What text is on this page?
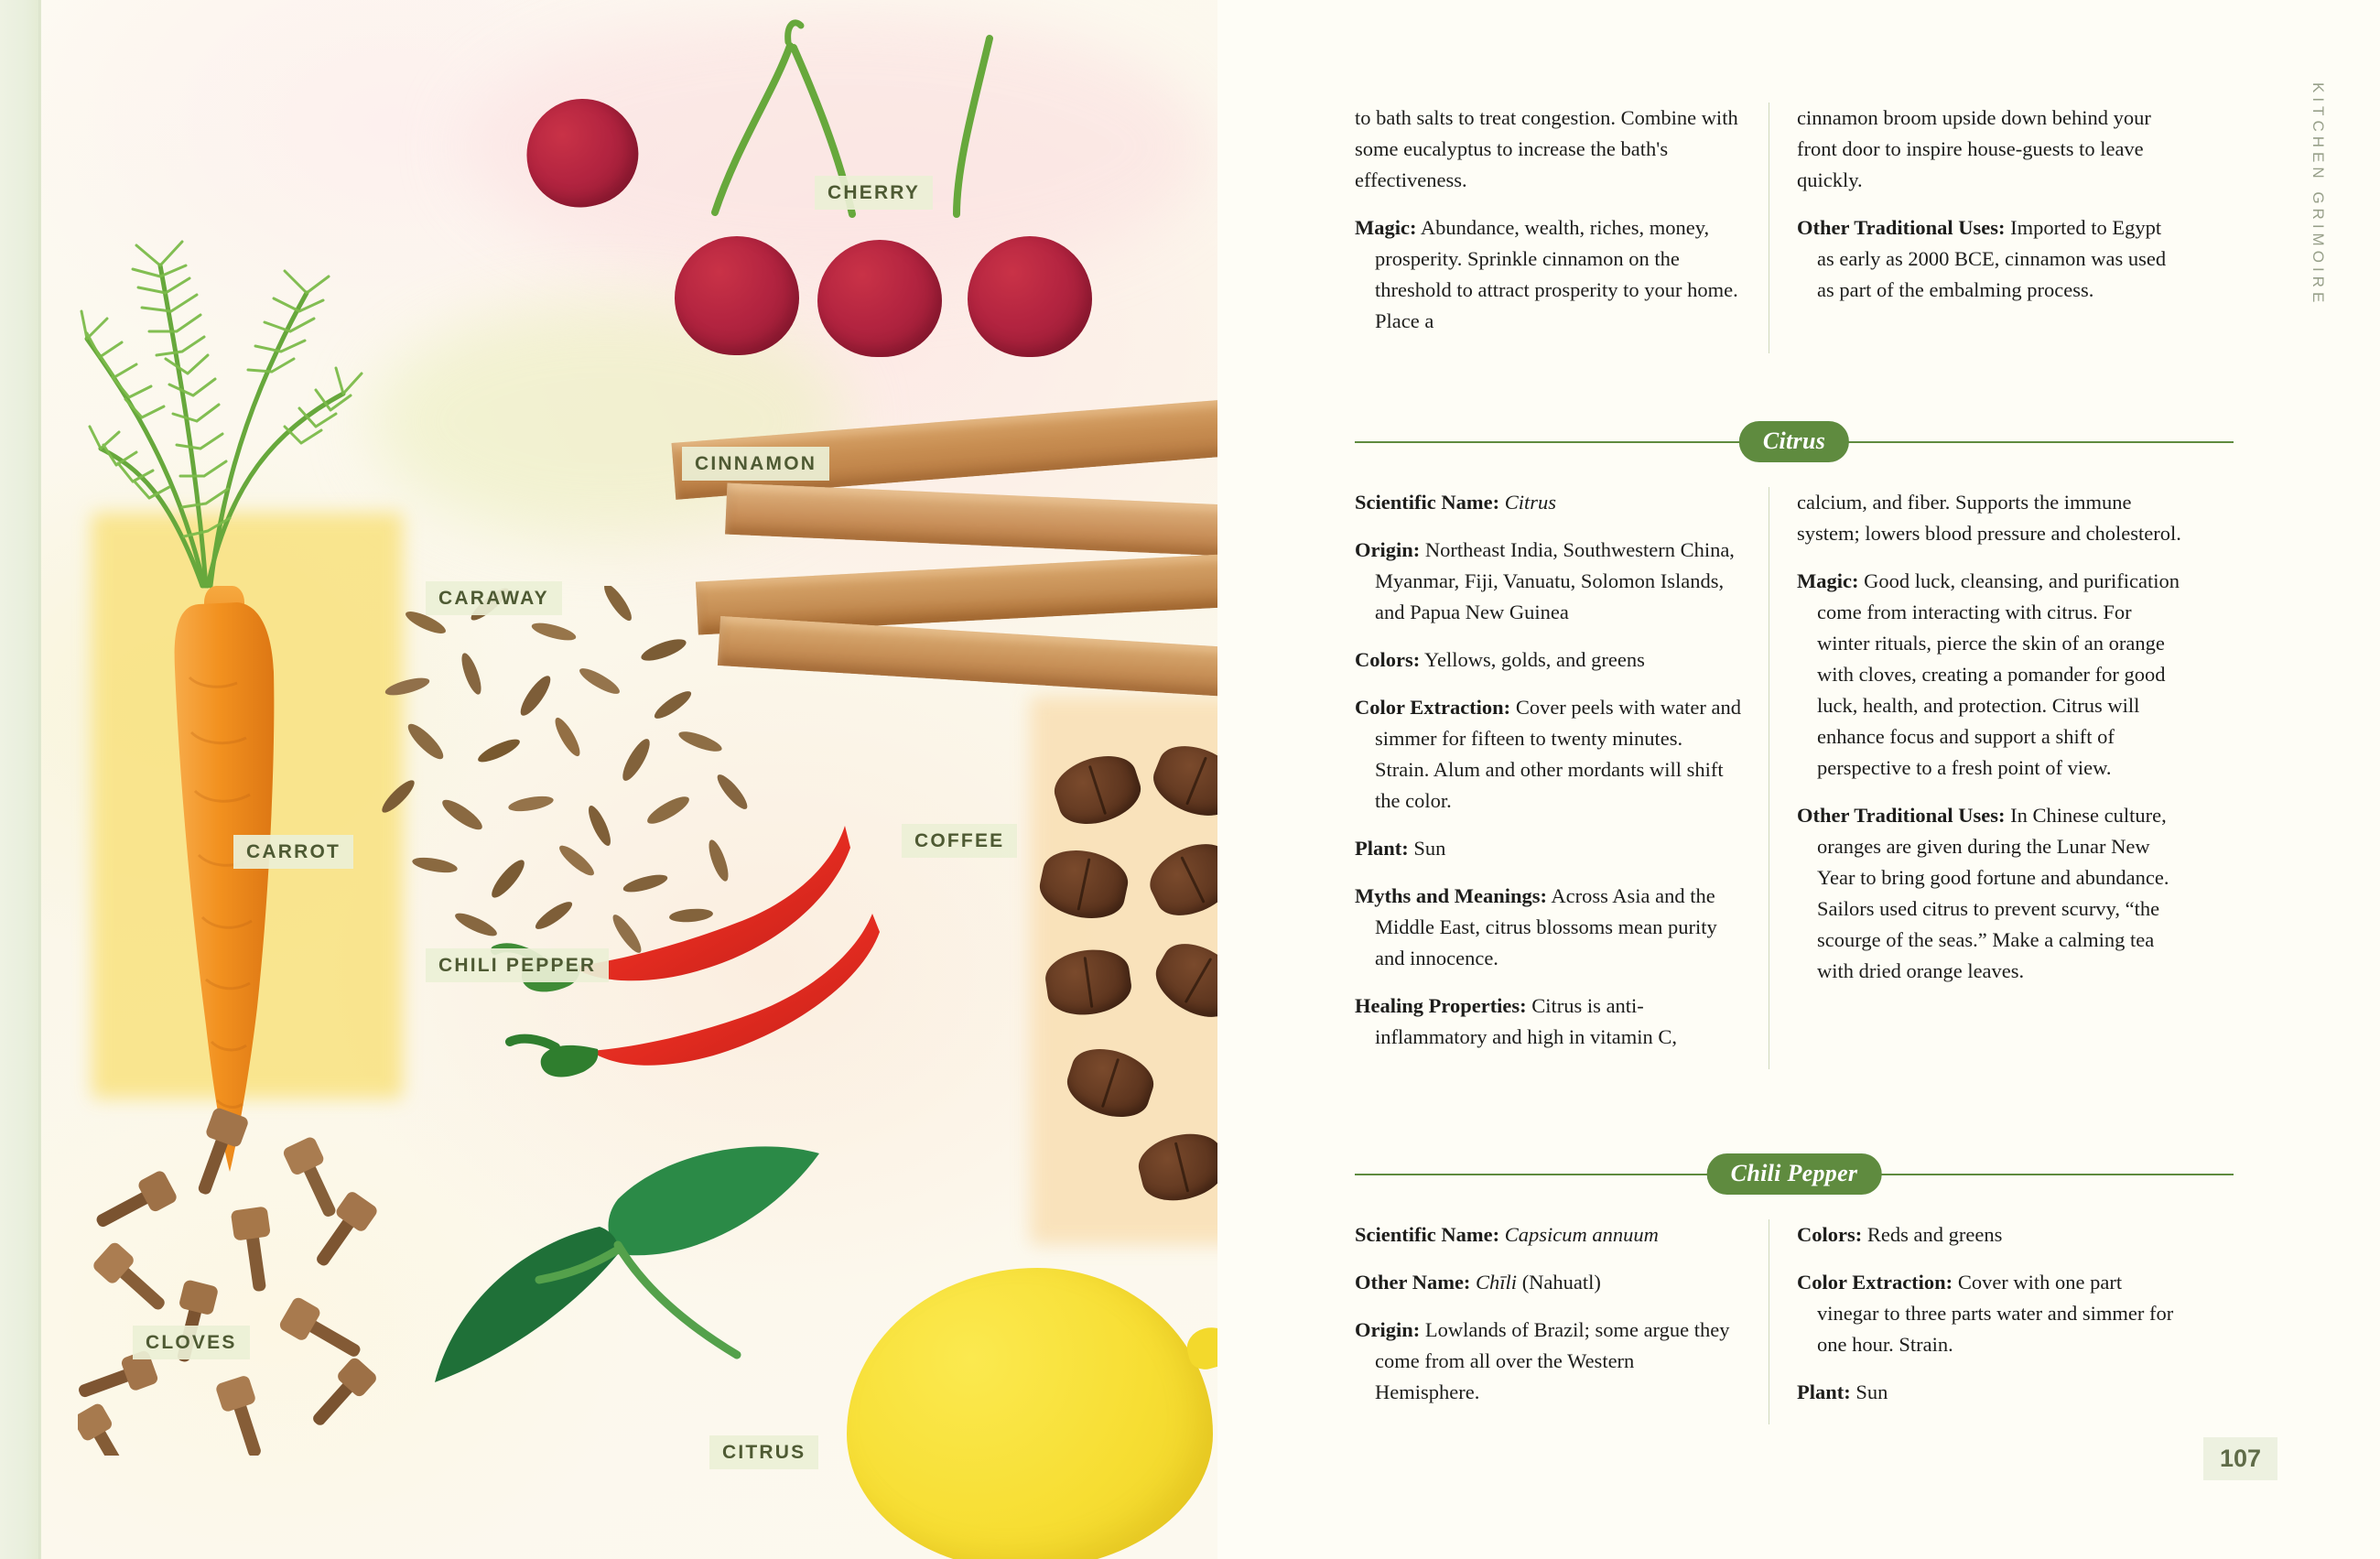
CHERRY
CINNAMON
CARAWAY
CARROT
COFFEE
CHILI PEPPER
CLOVES
CITRUS
KITCHEN GRIMOIRE

to bath salts to treat congestion. Combine with some eucalyptus to increase the bath's effectiveness.

Magic: Abundance, wealth, riches, money, prosperity. Sprinkle cinnamon on the threshold to attract prosperity to your home. Place a

cinnamon broom upside down behind your front door to inspire house-guests to leave quickly.

Other Traditional Uses: Imported to Egypt as early as 2000 BCE, cinnamon was used as part of the embalming process.

Citrus

Scientific Name: Citrus

Origin: Northeast India, Southwestern China, Myanmar, Fiji, Vanuatu, Solomon Islands, and Papua New Guinea

Colors: Yellows, golds, and greens

Color Extraction: Cover peels with water and simmer for fifteen to twenty minutes. Strain. Alum and other mordants will shift the color.

Plant: Sun

Myths and Meanings: Across Asia and the Middle East, citrus blossoms mean purity and innocence.

Healing Properties: Citrus is anti-inflammatory and high in vitamin C,

calcium, and fiber. Supports the immune system; lowers blood pressure and cholesterol.

Magic: Good luck, cleansing, and purification come from interacting with citrus. For winter rituals, pierce the skin of an orange with cloves, creating a pomander for good luck, health, and protection. Citrus will enhance focus and support a shift of perspective to a fresh point of view.

Other Traditional Uses: In Chinese culture, oranges are given during the Lunar New Year to bring good fortune and abundance. Sailors used citrus to prevent scurvy, “the scourge of the seas.” Make a calming tea with dried orange leaves.

Chili Pepper

Scientific Name: Capsicum annuum

Other Name: Chīli (Nahuatl)

Origin: Lowlands of Brazil; some argue they come from all over the Western Hemisphere.

Colors: Reds and greens

Color Extraction: Cover with one part vinegar to three parts water and simmer for one hour. Strain.

Plant: Sun

107
